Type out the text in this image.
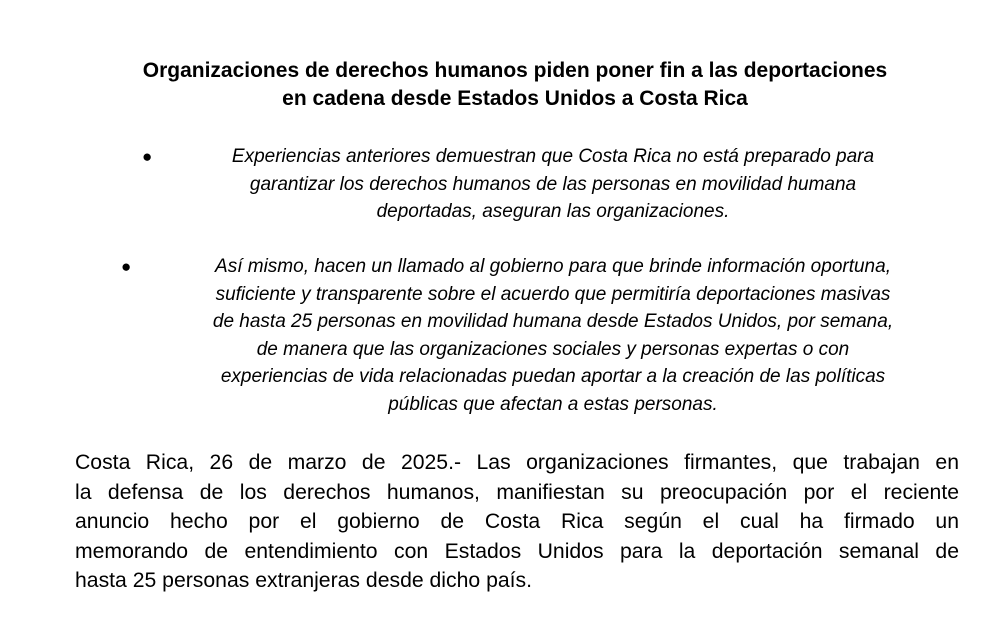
Organizaciones de derechos humanos piden poner fin a las deportaciones
en cadena desde Estados Unidos a Costa Rica
●	Experiencias anteriores demuestran que Costa Rica no está preparado para
garantizar los derechos humanos de las personas en movilidad humana
deportadas, aseguran las organizaciones.
●	Así mismo, hacen un llamado al gobierno para que brinde información oportuna,
suficiente y transparente sobre el acuerdo que permitiría deportaciones masivas
de hasta 25 personas en movilidad humana desde Estados Unidos, por semana,
de manera que las organizaciones sociales y personas expertas o con
experiencias de vida relacionadas puedan aportar a la creación de las políticas
públicas que afectan a estas personas.
Costa Rica, 26 de marzo de 2025.- Las organizaciones firmantes, que trabajan en
la defensa de los derechos humanos, manifiestan su preocupación por el reciente
anuncio hecho por el gobierno de Costa Rica según el cual ha firmado un
memorando de entendimiento con Estados Unidos para la deportación semanal de
hasta 25 personas extranjeras desde dicho país.
